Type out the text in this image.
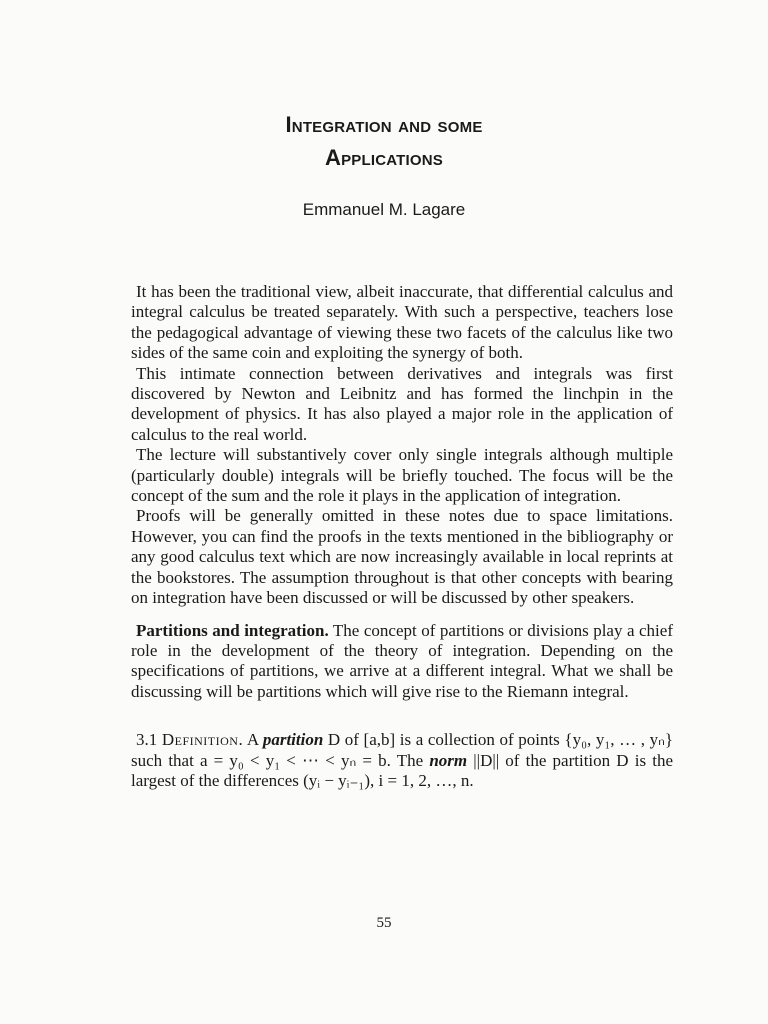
Integration and some
Applications
Emmanuel M. Lagare

It has been the traditional view, albeit inaccurate, that differential calculus and integral calculus be treated separately. With such a perspective, teachers lose the pedagogical advantage of viewing these two facets of the calculus like two sides of the same coin and exploiting the synergy of both.

This intimate connection between derivatives and integrals was first discovered by Newton and Leibnitz and has formed the linchpin in the development of physics. It has also played a major role in the application of calculus to the real world.

The lecture will substantively cover only single integrals although multiple (particularly double) integrals will be briefly touched. The focus will be the concept of the sum and the role it plays in the application of integration.

Proofs will be generally omitted in these notes due to space limitations. However, you can find the proofs in the texts mentioned in the bibliography or any good calculus text which are now increasingly available in local reprints at the bookstores. The assumption throughout is that other concepts with bearing on integration have been discussed or will be discussed by other speakers.

Partitions and integration. The concept of partitions or divisions play a chief role in the development of the theory of integration. Depending on the specifications of partitions, we arrive at a different integral. What we shall be discussing will be partitions which will give rise to the Riemann integral.

3.1 Definition. A partition D of [a,b] is a collection of points {y₀, y₁, … , yₙ} such that a = y₀ < y₁ < ⋯ < yₙ = b. The norm ||D|| of the partition D is the largest of the differences (yᵢ − yᵢ₋₁), i = 1, 2, …, n.

55
